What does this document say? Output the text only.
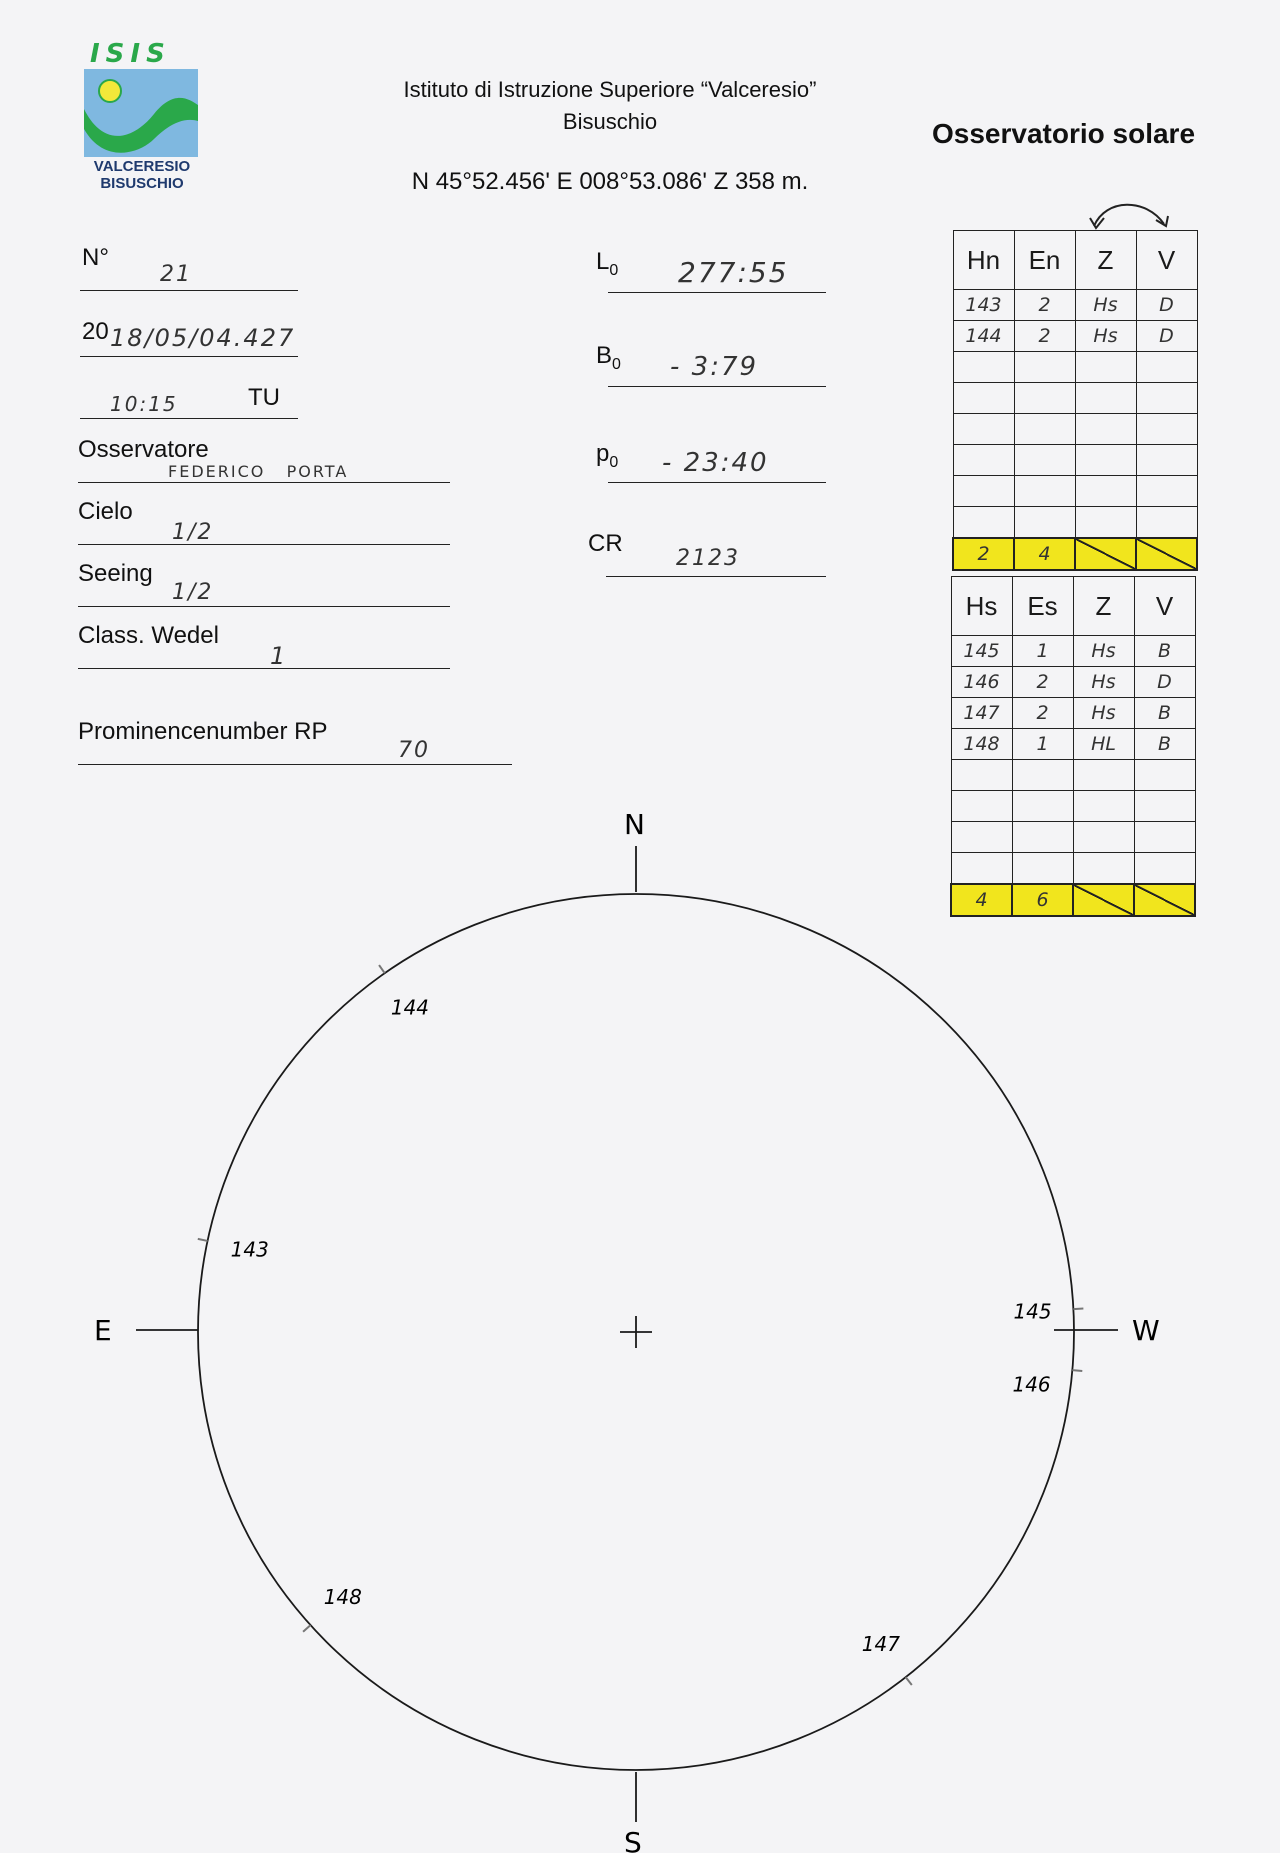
ISIS
VALCERESIO
BISUSCHIO
Istituto di Istruzione Superiore “Valceresio”
Bisuschio
N 45°52.456' E 008°53.086' Z 358 m.
Osservatorio solare
N°
21
20 18/05/04.427
10:15	TU
Osservatore
FEDERICO   PORTA
Cielo
1/2
Seeing
1/2
Class. Wedel
1
Prominencenumber RP
70
$L_0$ 277:55
$B_0$ - 3:79
$p_0$ - 23:40
CR
2123
Hn	En	Z	V
143	2	Hs	D
144	2	Hs	D

2	4	

Hs	Es	Z	V
145	1	Hs	B
146	2	Hs	D
147	2	Hs	B
148	1	HL	B

4	6	

N
S
E	W
144
143
148
147
145
146
